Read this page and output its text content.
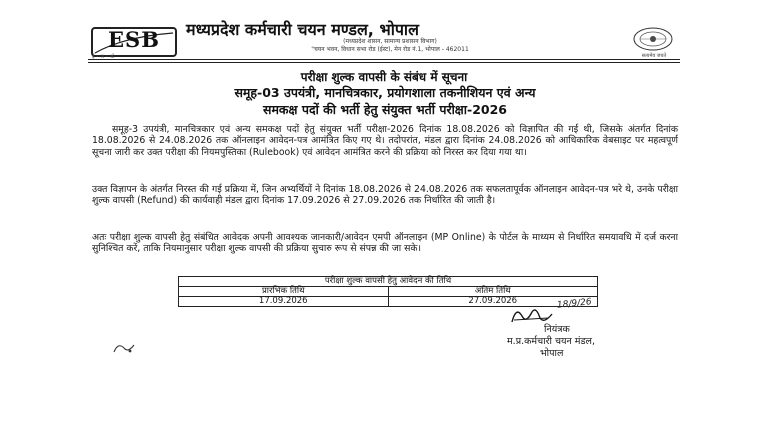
ESB
ई • स • बो
मध्यप्रदेश कर्मचारी चयन मण्डल, भोपाल
(मध्यप्रदेश शासन, सामान्य प्रशासन विभाग)
"चयन भवन, विधान सभा रोड (ईस्ट), मेन रोड नं.1, भोपाल - 462011
सत्यमेव जयते
परीक्षा शुल्क वापसी के संबंध में सूचना
समूह-03 उपयंत्री, मानचित्रकार, प्रयोगशाला तकनीशियन एवं अन्य
समकक्ष पदों की भर्ती हेतु संयुक्त भर्ती परीक्षा-2026
समूह-3 उपयंत्री, मानचित्रकार एवं अन्य समकक्ष पदों हेतु संयुक्त भर्ती परीक्षा-2026 दिनांक 18.08.2026 को विज्ञापित की गई थी, जिसके अंतर्गत दिनांक 18.08.2026 से 24.08.2026 तक ऑनलाइन आवेदन-पत्र आमंत्रित किए गए थे। तदोपरांत, मंडल द्वारा दिनांक 24.08.2026 को आधिकारिक वेबसाइट पर महत्वपूर्ण सूचना जारी कर उक्त परीक्षा की नियमपुस्तिका (Rulebook) एवं आवेदन आमंत्रित करने की प्रक्रिया को निरस्त कर दिया गया था।
उक्त विज्ञापन के अंतर्गत निरस्त की गई प्रक्रिया में, जिन अभ्यर्थियों ने दिनांक 18.08.2026 से 24.08.2026 तक सफलतापूर्वक ऑनलाइन आवेदन-पत्र भरे थे, उनके परीक्षा शुल्क वापसी (Refund) की कार्यवाही मंडल द्वारा दिनांक 17.09.2026 से 27.09.2026 तक निर्धारित की जाती है।
अतः परीक्षा शुल्क वापसी हेतु संबंधित आवेदक अपनी आवश्यक जानकारी/आवेदन एमपी ऑनलाइन (MP Online) के पोर्टल के माध्यम से निर्धारित समयावधि में दर्ज करना सुनिश्चित करें, ताकि नियमानुसार परीक्षा शुल्क वापसी की प्रक्रिया सुचारु रूप से संपन्न की जा सके।
परीक्षा शुल्क वापसी हेतु आवेदन की तिथि	
प्रारंभिक तिथि	अंतिम तिथि
17.09.2026	27.09.2026	18/9/26
नियंत्रक
म.प्र.कर्मचारी चयन मंडल,
भोपाल
